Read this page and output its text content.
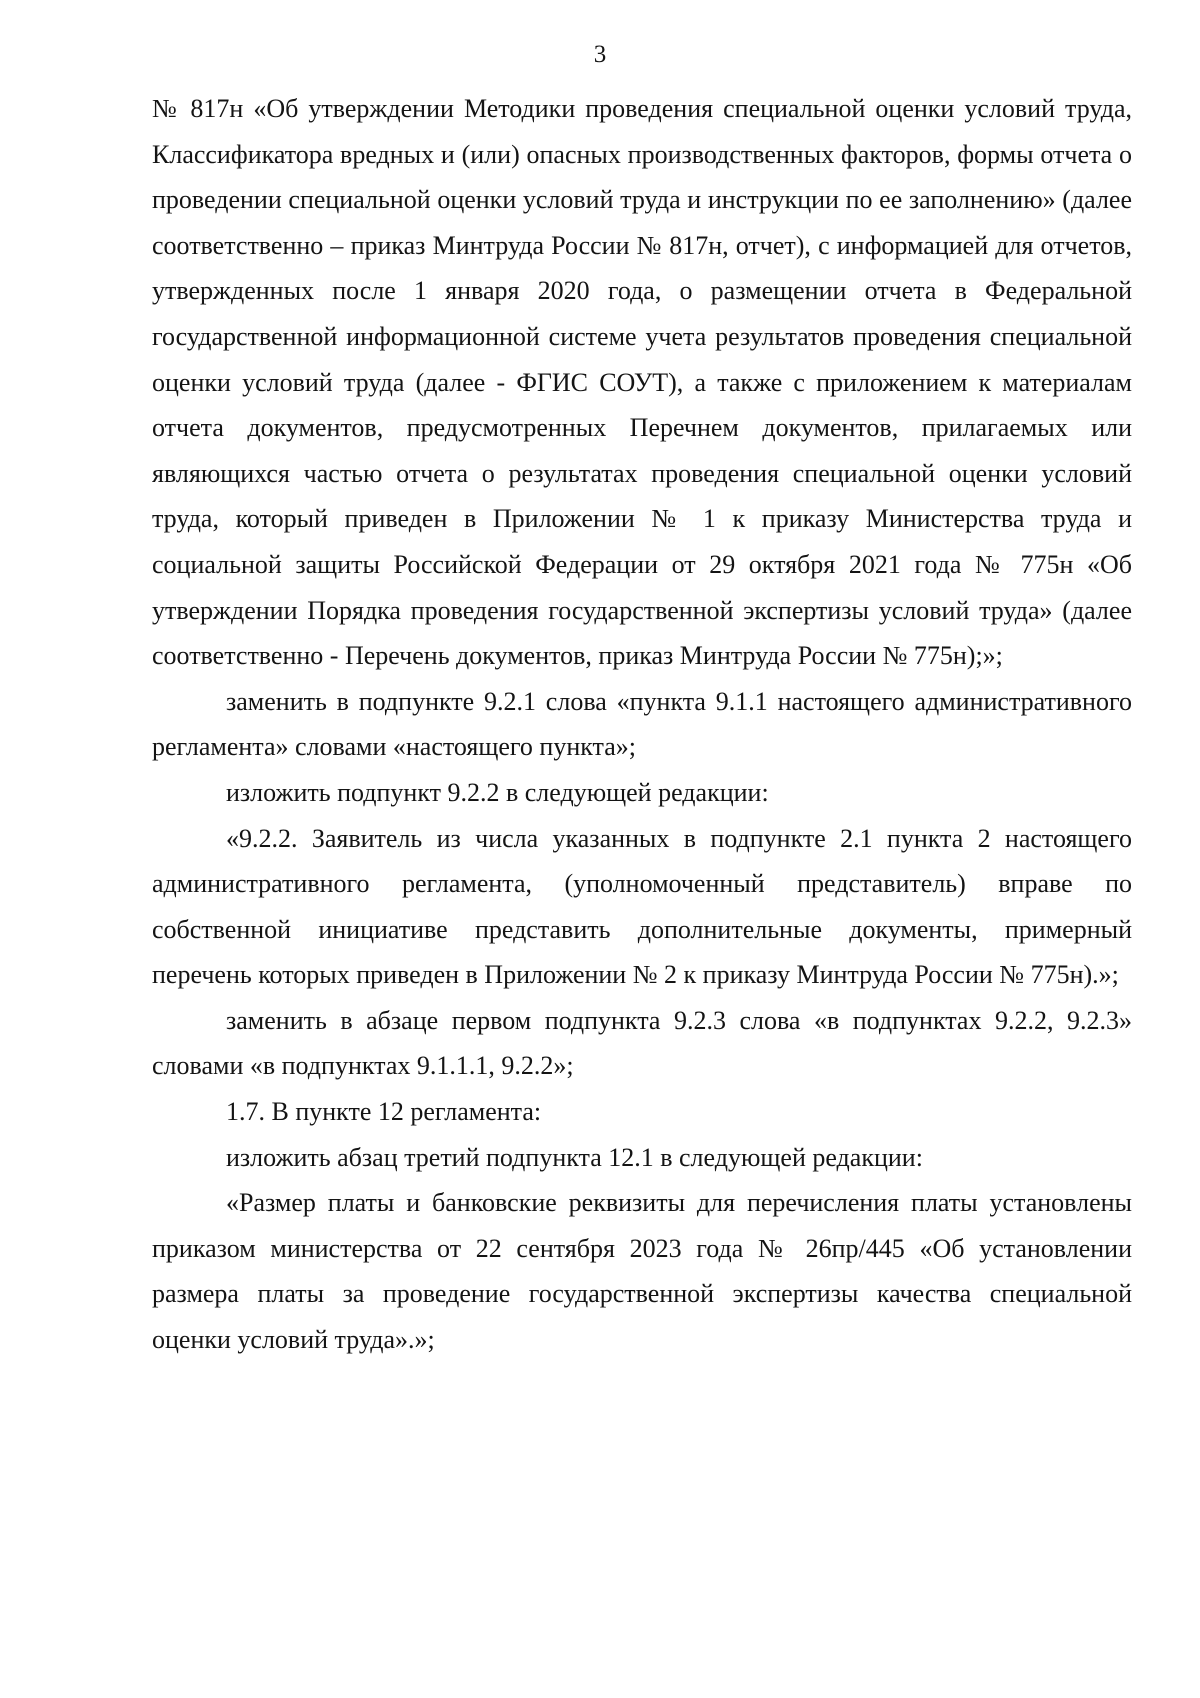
3

№ 817н «Об утверждении Методики проведения специальной оценки условий труда, Классификатора вредных и (или) опасных производственных факторов, формы отчета о проведении специальной оценки условий труда и инструкции по ее заполнению» (далее соответственно – приказ Минтруда России № 817н, отчет), с информацией для отчетов, утвержденных после 1 января 2020 года, о размещении отчета в Федеральной государственной информационной системе учета результатов проведения специальной оценки условий труда (далее - ФГИС СОУТ), а также с приложением к материалам отчета документов, предусмотренных Перечнем документов, прилагаемых или являющихся частью отчета о результатах проведения специальной оценки условий труда, который приведен в Приложении № 1 к приказу Министерства труда и социальной защиты Российской Федерации от 29 октября 2021 года № 775н «Об утверждении Порядка проведения государственной экспертизы условий труда» (далее соответственно - Перечень документов, приказ Минтруда России № 775н);»;

заменить в подпункте 9.2.1 слова «пункта 9.1.1 настоящего административного регламента» словами «настоящего пункта»;

изложить подпункт 9.2.2 в следующей редакции:

«9.2.2. Заявитель из числа указанных в подпункте 2.1 пункта 2 настоящего административного регламента, (уполномоченный представитель) вправе по собственной инициативе представить дополнительные документы, примерный перечень которых приведен в Приложении № 2 к приказу Минтруда России № 775н).»;

заменить в абзаце первом подпункта 9.2.3 слова «в подпунктах 9.2.2, 9.2.3» словами «в подпунктах 9.1.1.1, 9.2.2»;

1.7. В пункте 12 регламента:

изложить абзац третий подпункта 12.1 в следующей редакции:

«Размер платы и банковские реквизиты для перечисления платы установлены приказом министерства от 22 сентября 2023 года № 26пр/445 «Об установлении размера платы за проведение государственной экспертизы качества специальной оценки условий труда».»;
